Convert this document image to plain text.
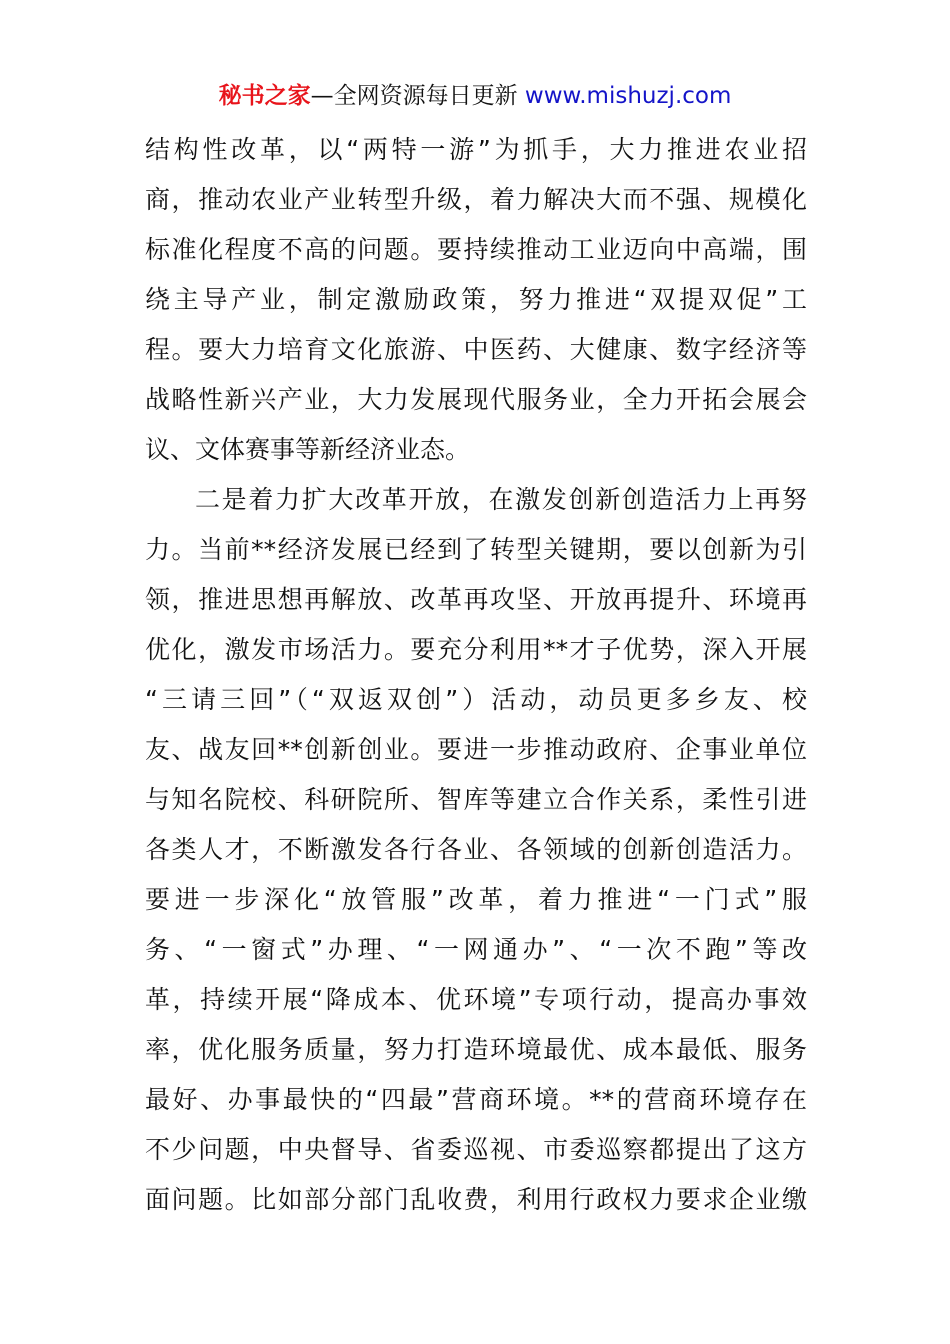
秘书之家—全网资源每日更新 www.mishuzj.com
结构性改革，以“两特一游”为抓手，大力推进农业招
商，推动农业产业转型升级，着力解决大而不强、规模化
标准化程度不高的问题。要持续推动工业迈向中高端，围
绕主导产业，制定激励政策，努力推进“双提双促”工
程。要大力培育文化旅游、中医药、大健康、数字经济等
战略性新兴产业，大力发展现代服务业，全力开拓会展会
议、文体赛事等新经济业态。
二是着力扩大改革开放，在激发创新创造活力上再努
力。当前**经济发展已经到了转型关键期，要以创新为引
领，推进思想再解放、改革再攻坚、开放再提升、环境再
优化，激发市场活力。要充分利用**才子优势，深入开展
“三请三回”（“双返双创”）活动，动员更多乡友、校
友、战友回**创新创业。要进一步推动政府、企事业单位
与知名院校、科研院所、智库等建立合作关系，柔性引进
各类人才，不断激发各行各业、各领域的创新创造活力。
要进一步深化“放管服”改革，着力推进“一门式”服
务、“一窗式”办理、“一网通办”、“一次不跑”等改
革，持续开展“降成本、优环境”专项行动，提高办事效
率，优化服务质量，努力打造环境最优、成本最低、服务
最好、办事最快的“四最”营商环境。**的营商环境存在
不少问题，中央督导、省委巡视、市委巡察都提出了这方
面问题。比如部分部门乱收费，利用行政权力要求企业缴
